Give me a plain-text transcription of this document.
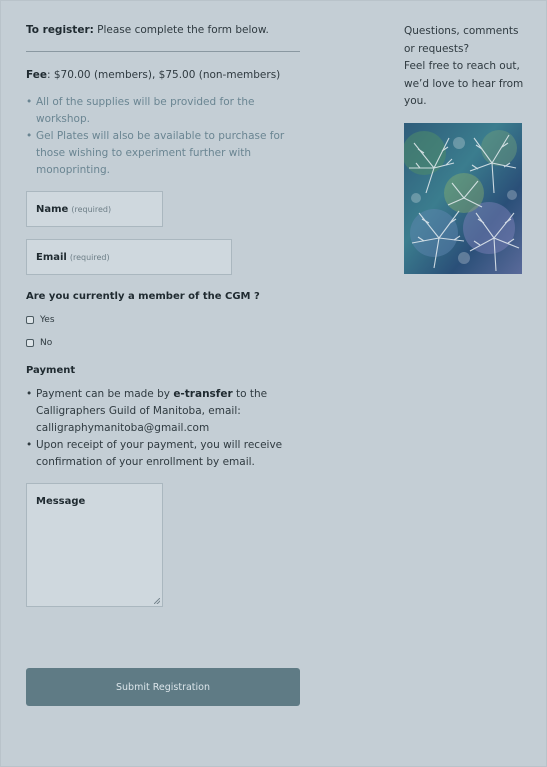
To register: Please complete the form below.
Fee: $70.00 (members), $75.00 (non-members)
• All of the supplies will be provided for the workshop.
• Gel Plates will also be available to purchase for those wishing to experiment further with monoprinting.
Name (required)
Email (required)
Are you currently a member of the CGM ?
Yes
No
Payment
• Payment can be made by e-transfer to the Calligraphers Guild of Manitoba, email: calligraphymanitoba@gmail.com
• Upon receipt of your payment, you will receive confirmation of your enrollment by email.
Message
Submit Registration
Questions, comments or requests?
Feel free to reach out, we’d love to hear from you.
